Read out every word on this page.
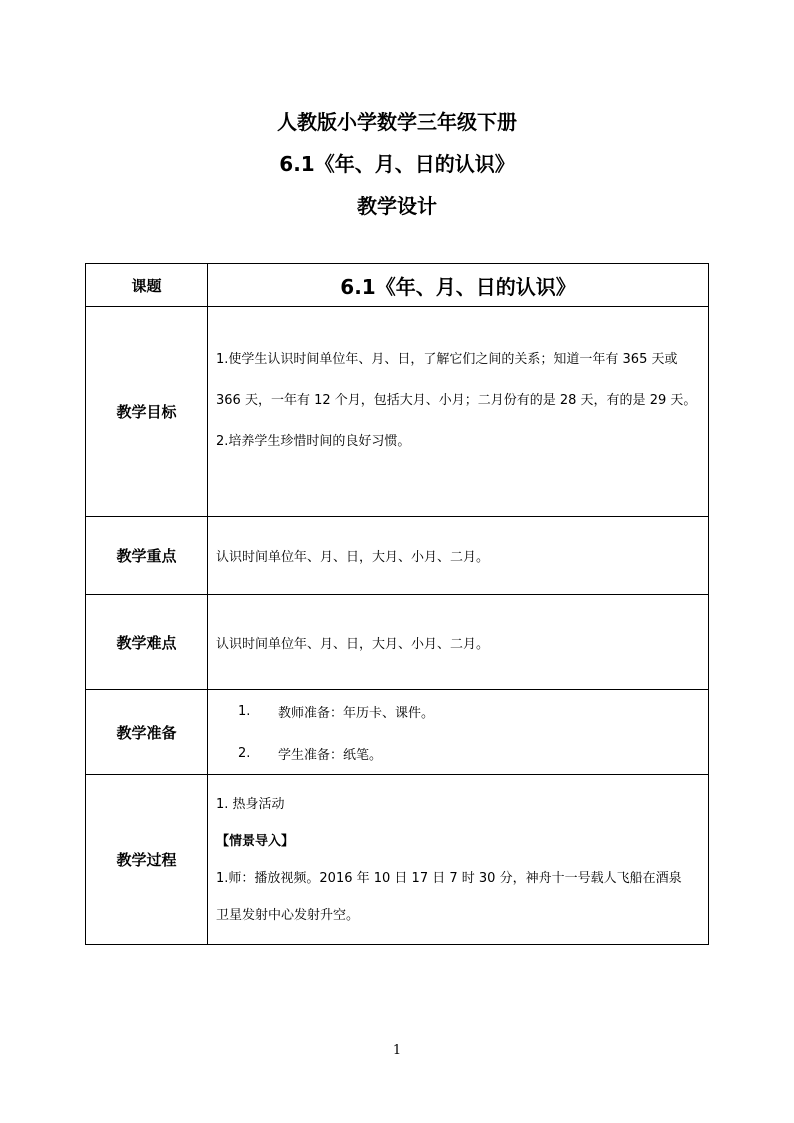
人教版小学数学三年级下册
6.1《年、月、日的认识》
教学设计
课题	6.1《年、月、日的认识》
教学目标	1.使学生认识时间单位年、月、日，了解它们之间的关系；知道一年有 365 天或
366 天，一年有 12 个月，包括大月、小月；二月份有的是 28 天，有的是 29 天。
2.培养学生珍惜时间的良好习惯。

教学重点	认识时间单位年、月、日，大月、小月、二月。
教学难点	认识时间单位年、月、日，大月、小月、二月。
教学准备	1. 教师准备：年历卡、课件。
2. 学生准备：纸笔。

教学过程	1. 热身活动
【情景导入】
1.师：播放视频。2016 年 10 日 17 日 7 时 30 分，神舟十一号载人飞船在酒泉
卫星发射中心发射升空。
1
